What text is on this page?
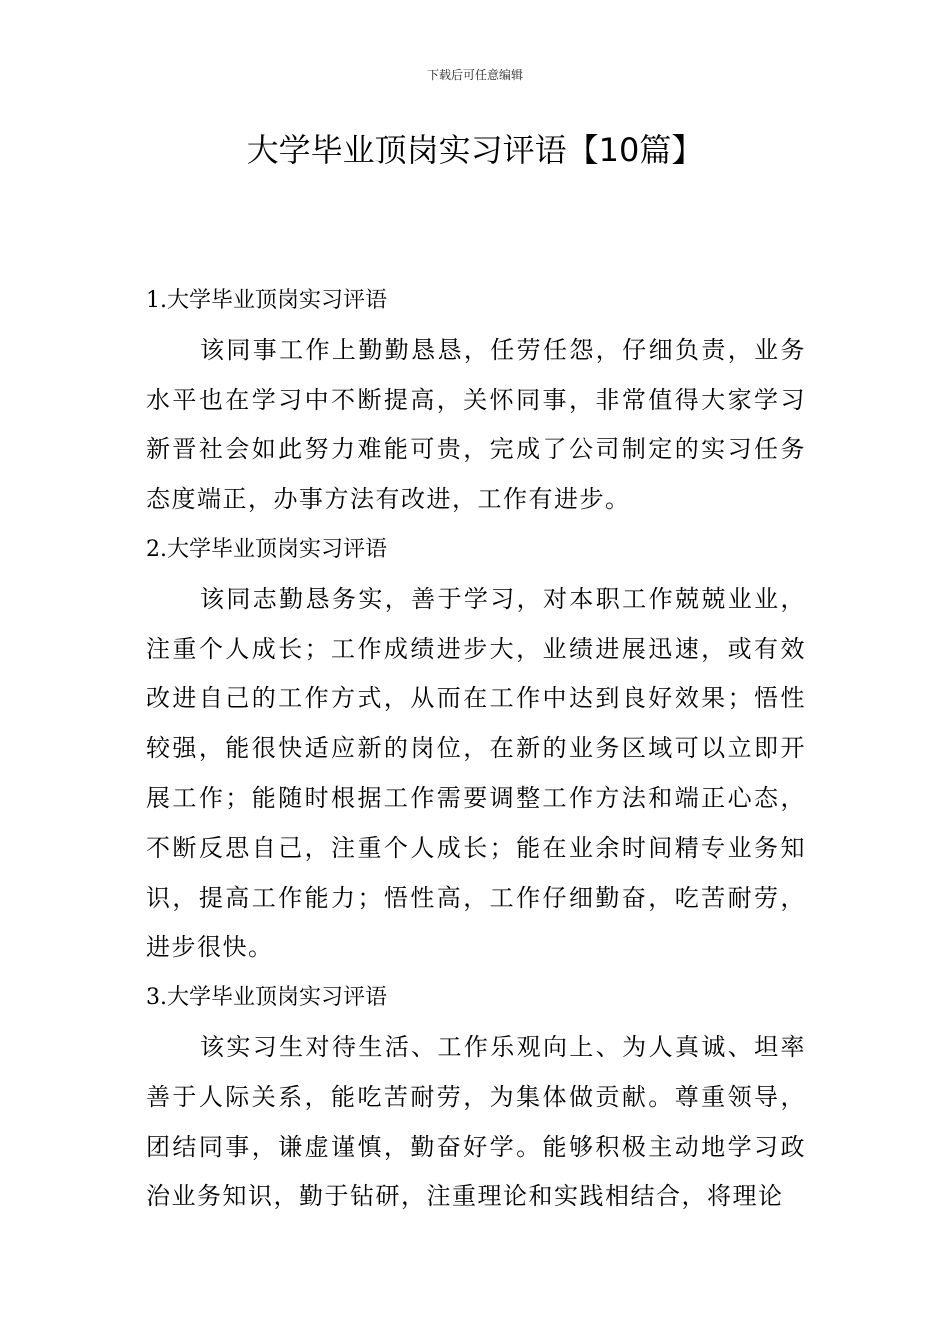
下载后可任意编辑
大学毕业顶岗实习评语【10篇】
1.大学毕业顶岗实习评语

该同事工作上勤勤恳恳，任劳任怨，仔细负责，业务水平也在学习中不断提高，关怀同事，非常值得大家学习新晋社会如此努力难能可贵，完成了公司制定的实习任务态度端正，办事方法有改进，工作有进步。

2.大学毕业顶岗实习评语

该同志勤恳务实，善于学习，对本职工作兢兢业业，注重个人成长；工作成绩进步大，业绩进展迅速，或有效改进自己的工作方式，从而在工作中达到良好效果；悟性较强，能很快适应新的岗位，在新的业务区域可以立即开展工作；能随时根据工作需要调整工作方法和端正心态，不断反思自己，注重个人成长；能在业余时间精专业务知识，提高工作能力；悟性高，工作仔细勤奋，吃苦耐劳，进步很快。

3.大学毕业顶岗实习评语

该实习生对待生活、工作乐观向上、为人真诚、坦率善于人际关系，能吃苦耐劳，为集体做贡献。尊重领导，团结同事，谦虚谨慎，勤奋好学。能够积极主动地学习政治业务知识，勤于钻研，注重理论和实践相结合，将理论
